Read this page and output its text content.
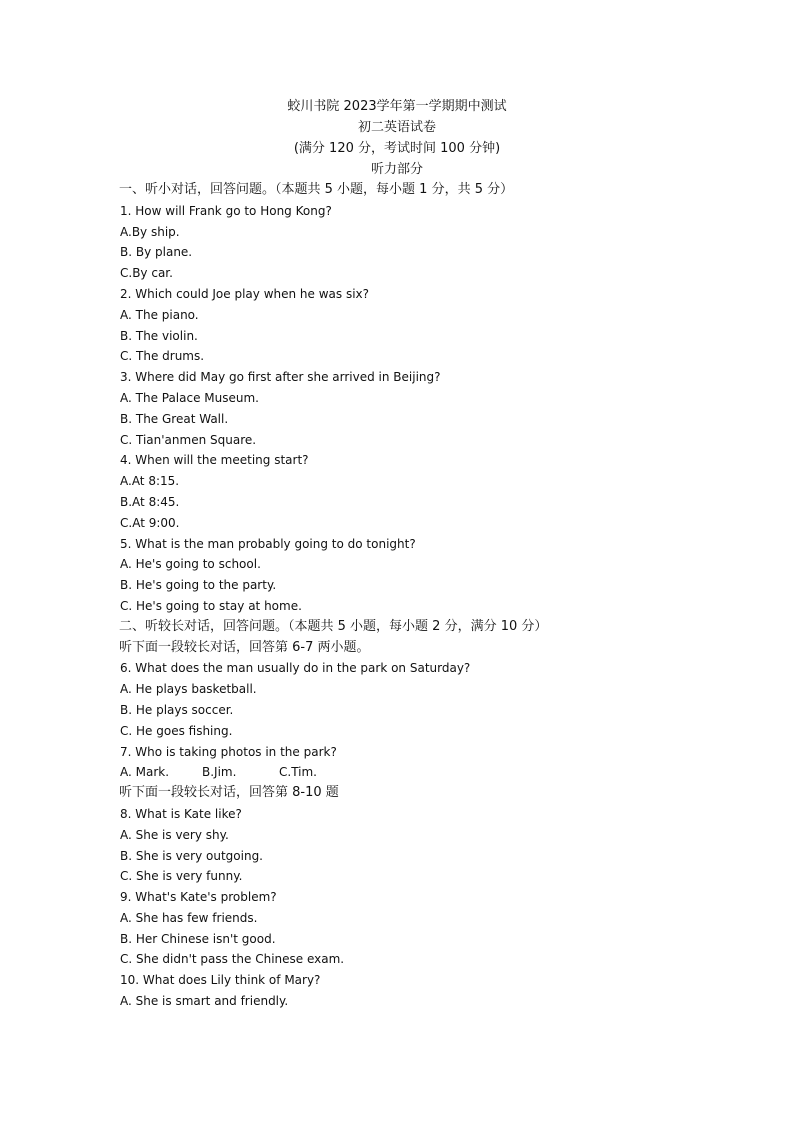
蛟川书院 2023学年第一学期期中测试
初二英语试卷
(满分 120 分，考试时间 100 分钟)
听力部分
一、听小对话，回答问题。（本题共 5 小题，每小题 1 分，共 5 分）
1. How will Frank go to Hong Kong?
A.By ship.
B. By plane.
C.By car.
2. Which could Joe play when he was six?
A. The piano.
B. The violin.
C. The drums.
3. Where did May go first after she arrived in Beijing?
A. The Palace Museum.
B. The Great Wall.
C. Tian'anmen Square.
4. When will the meeting start?
A.At 8:15.
B.At 8:45.
C.At 9:00.
5. What is the man probably going to do tonight?
A. He's going to school.
B. He's going to the party.
C. He's going to stay at home.
二、听较长对话，回答问题。（本题共 5 小题，每小题 2 分，满分 10 分）
听下面一段较长对话，回答第 6-7 两小题。
6. What does the man usually do in the park on Saturday?
A. He plays basketball.
B. He plays soccer.
C. He goes fishing.
7. Who is taking photos in the park?
A. Mark.	B.Jim.	C.Tim.
听下面一段较长对话，回答第 8-10 题
8. What is Kate like?
A. She is very shy.
B. She is very outgoing.
C. She is very funny.
9. What's Kate's problem?
A. She has few friends.
B. Her Chinese isn't good.
C. She didn't pass the Chinese exam.
10. What does Lily think of Mary?
A. She is smart and friendly.
